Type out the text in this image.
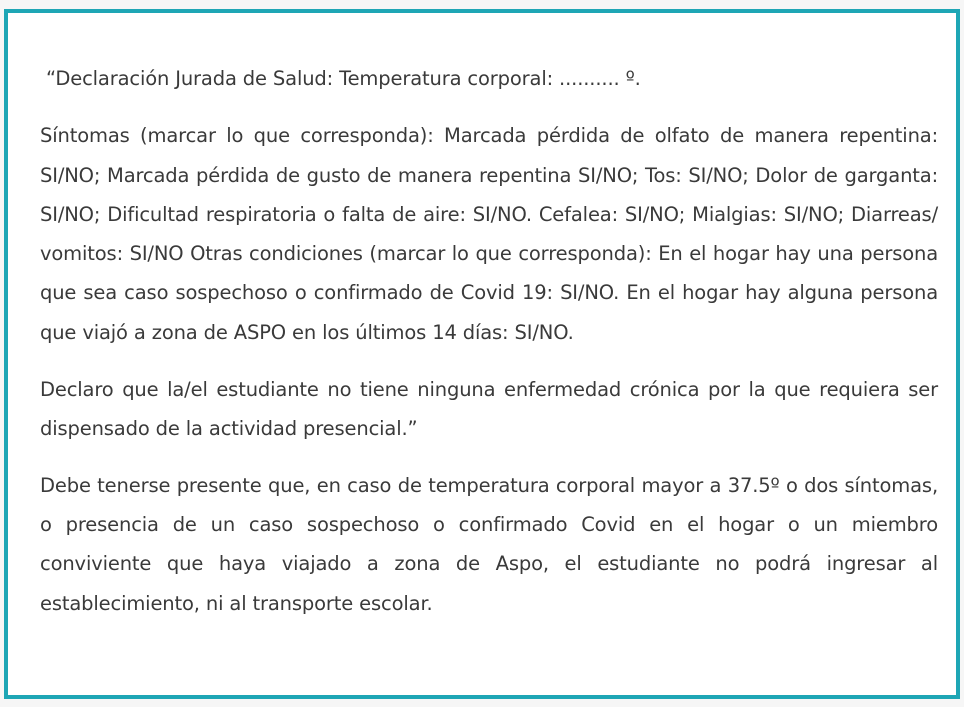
“Declaración Jurada de Salud: Temperatura corporal: .......... º.

Síntomas (marcar lo que corresponda): Marcada pérdida de olfato de manera repentina: SI/NO; Marcada pérdida de gusto de manera repentina SI/NO; Tos: SI/NO; Dolor de garganta: SI/NO; Dificultad respiratoria o falta de aire: SI/NO. Cefalea: SI/​NO; Mialgias: SI/NO; Diarreas/ vomitos: SI/NO Otras condiciones (marcar lo que corresponda): En el hogar hay una persona que sea caso sospechoso o confirmado de Covid 19: SI/NO. En el hogar hay alguna persona que viajó a zona de ASPO en los últimos 14 días: SI/NO.

Declaro que la/el estudiante no tiene ninguna enfermedad crónica por la que requiera ser dispensado de la actividad presencial.”

Debe tenerse presente que, en caso de temperatura corporal mayor a 37.5º o dos síntomas, o presencia de un caso sospechoso o confirmado Covid en el hogar o un miembro conviviente que haya viajado a zona de Aspo, el estudiante no podrá ingresar al establecimiento, ni al transporte escolar.
